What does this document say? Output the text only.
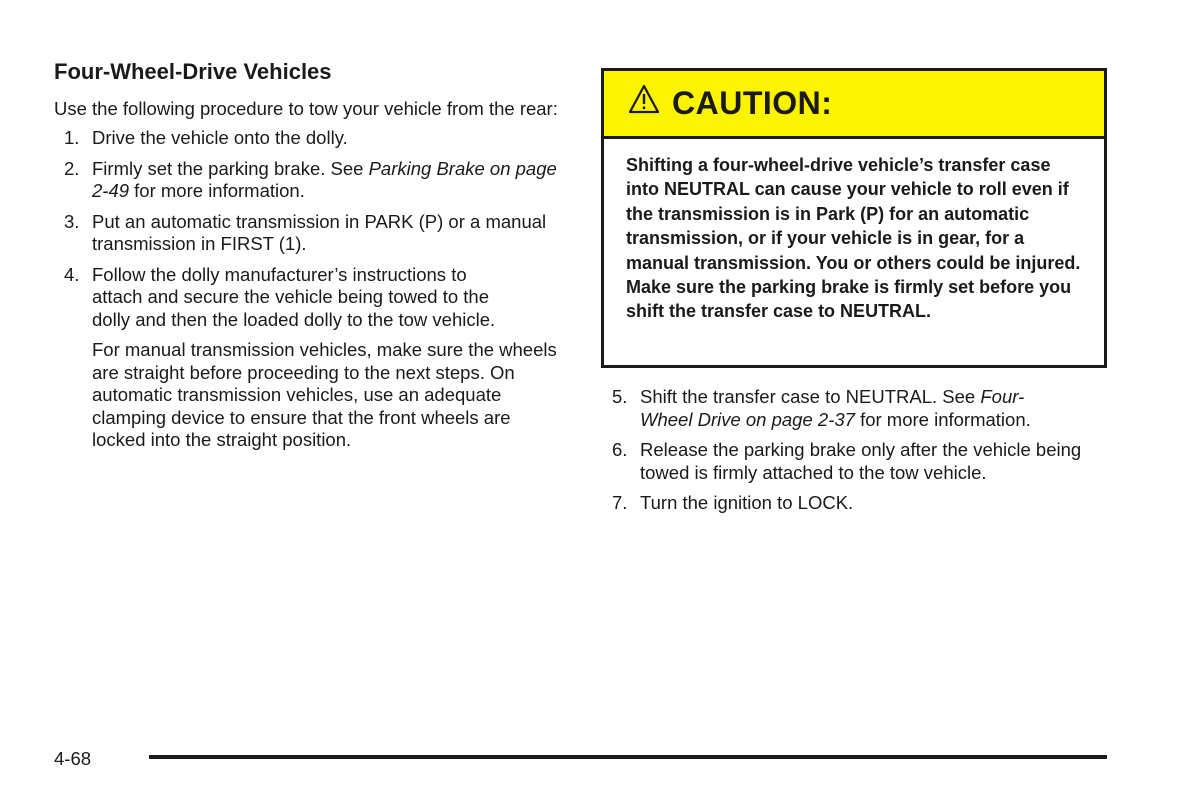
Four-Wheel-Drive Vehicles

Use the following procedure to tow your vehicle from the rear:

1. Drive the vehicle onto the dolly.
2. Firmly set the parking brake. See Parking Brake on page 2-49 for more information.
3. Put an automatic transmission in PARK (P) or a manual transmission in FIRST (1).
4. Follow the dolly manufacturer’s instructions to attach and secure the vehicle being towed to the dolly and then the loaded dolly to the tow vehicle.

For manual transmission vehicles, make sure the wheels are straight before proceeding to the next steps. On automatic transmission vehicles, use an adequate clamping device to ensure that the front wheels are locked into the straight position.

CAUTION:
Shifting a four-wheel-drive vehicle’s transfer case into NEUTRAL can cause your vehicle to roll even if the transmission is in Park (P) for an automatic transmission, or if your vehicle is in gear, for a manual transmission. You or others could be injured. Make sure the parking brake is firmly set before you shift the transfer case to NEUTRAL.
5. Shift the transfer case to NEUTRAL. See Four-Wheel Drive on page 2-37 for more information.
6. Release the parking brake only after the vehicle being towed is firmly attached to the tow vehicle.
7. Turn the ignition to LOCK.
4-68
